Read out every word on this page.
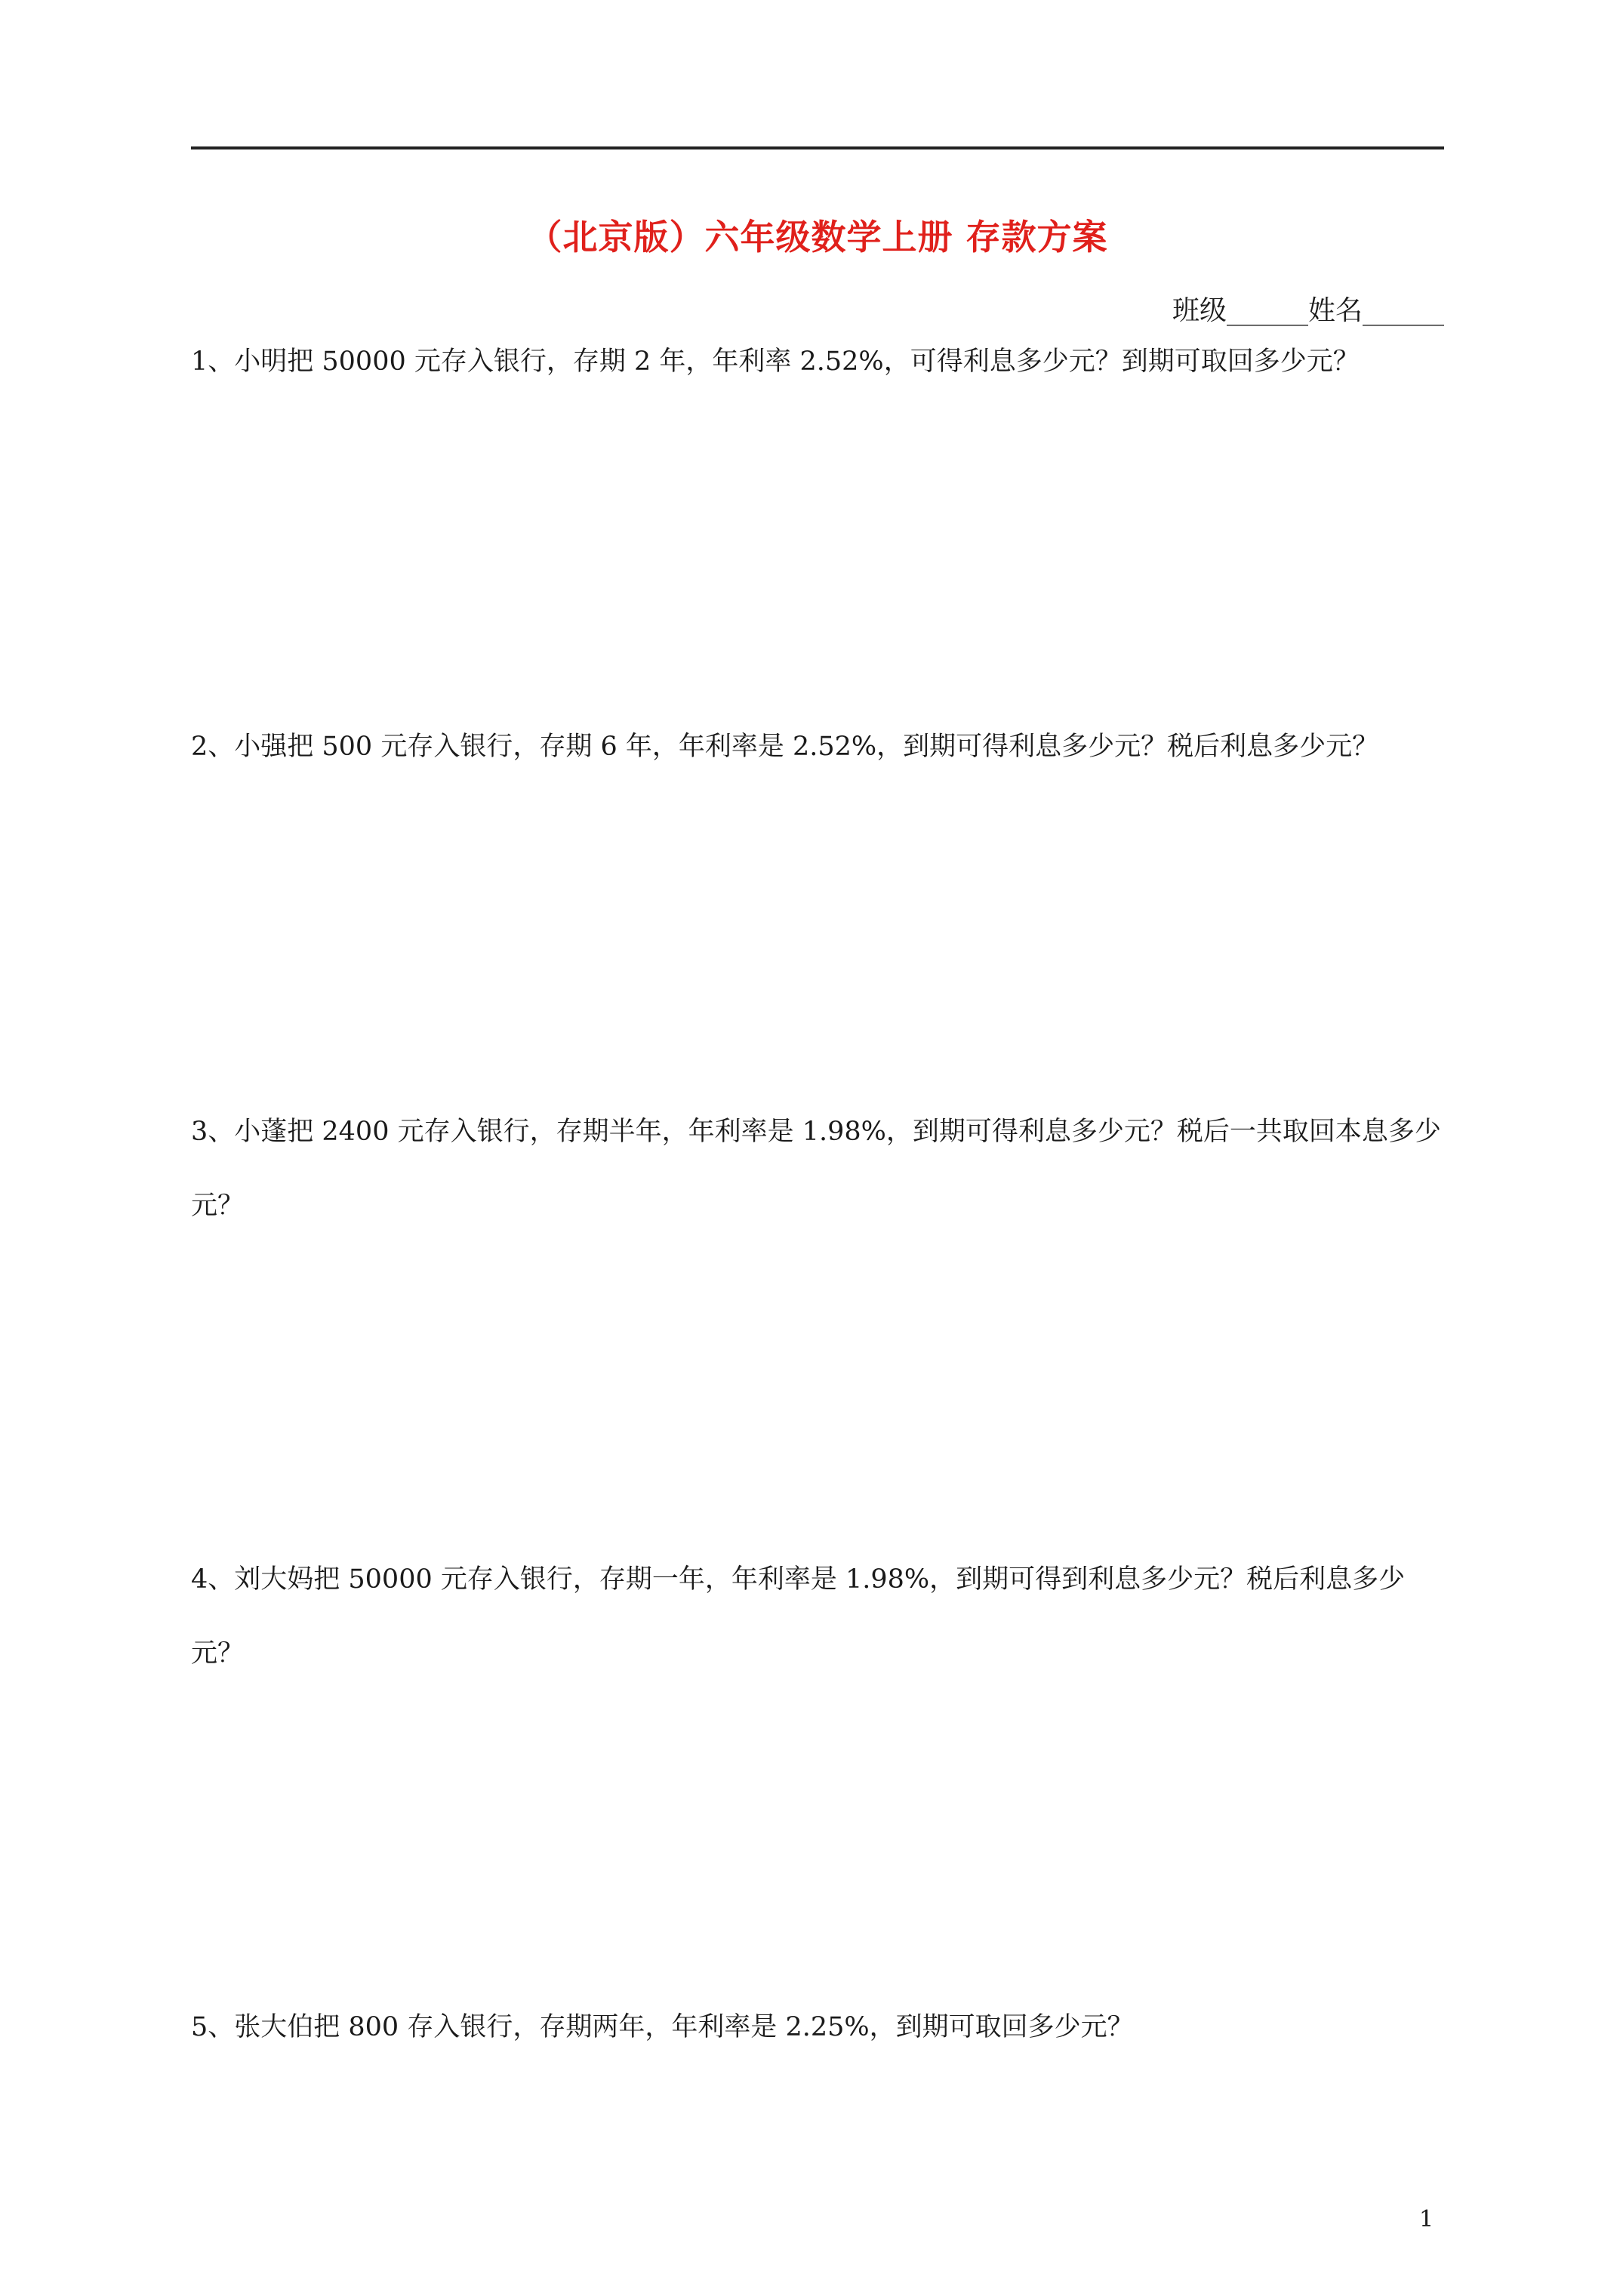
（北京版）六年级数学上册 存款方案
班级______姓名______
1、小明把 50000 元存入银行，存期 2 年，年利率 2.52%，可得利息多少元？到期可取回多少元？
2、小强把 500 元存入银行，存期 6 年，年利率是 2.52%，到期可得利息多少元？税后利息多少元？
3、小蓬把 2400 元存入银行，存期半年，年利率是 1.98%，到期可得利息多少元？税后一共取回本息多少元？
4、刘大妈把 50000 元存入银行，存期一年，年利率是 1.98%，到期可得到利息多少元？税后利息多少元？
5、张大伯把 800 存入银行，存期两年，年利率是 2.25%，到期可取回多少元？
1
